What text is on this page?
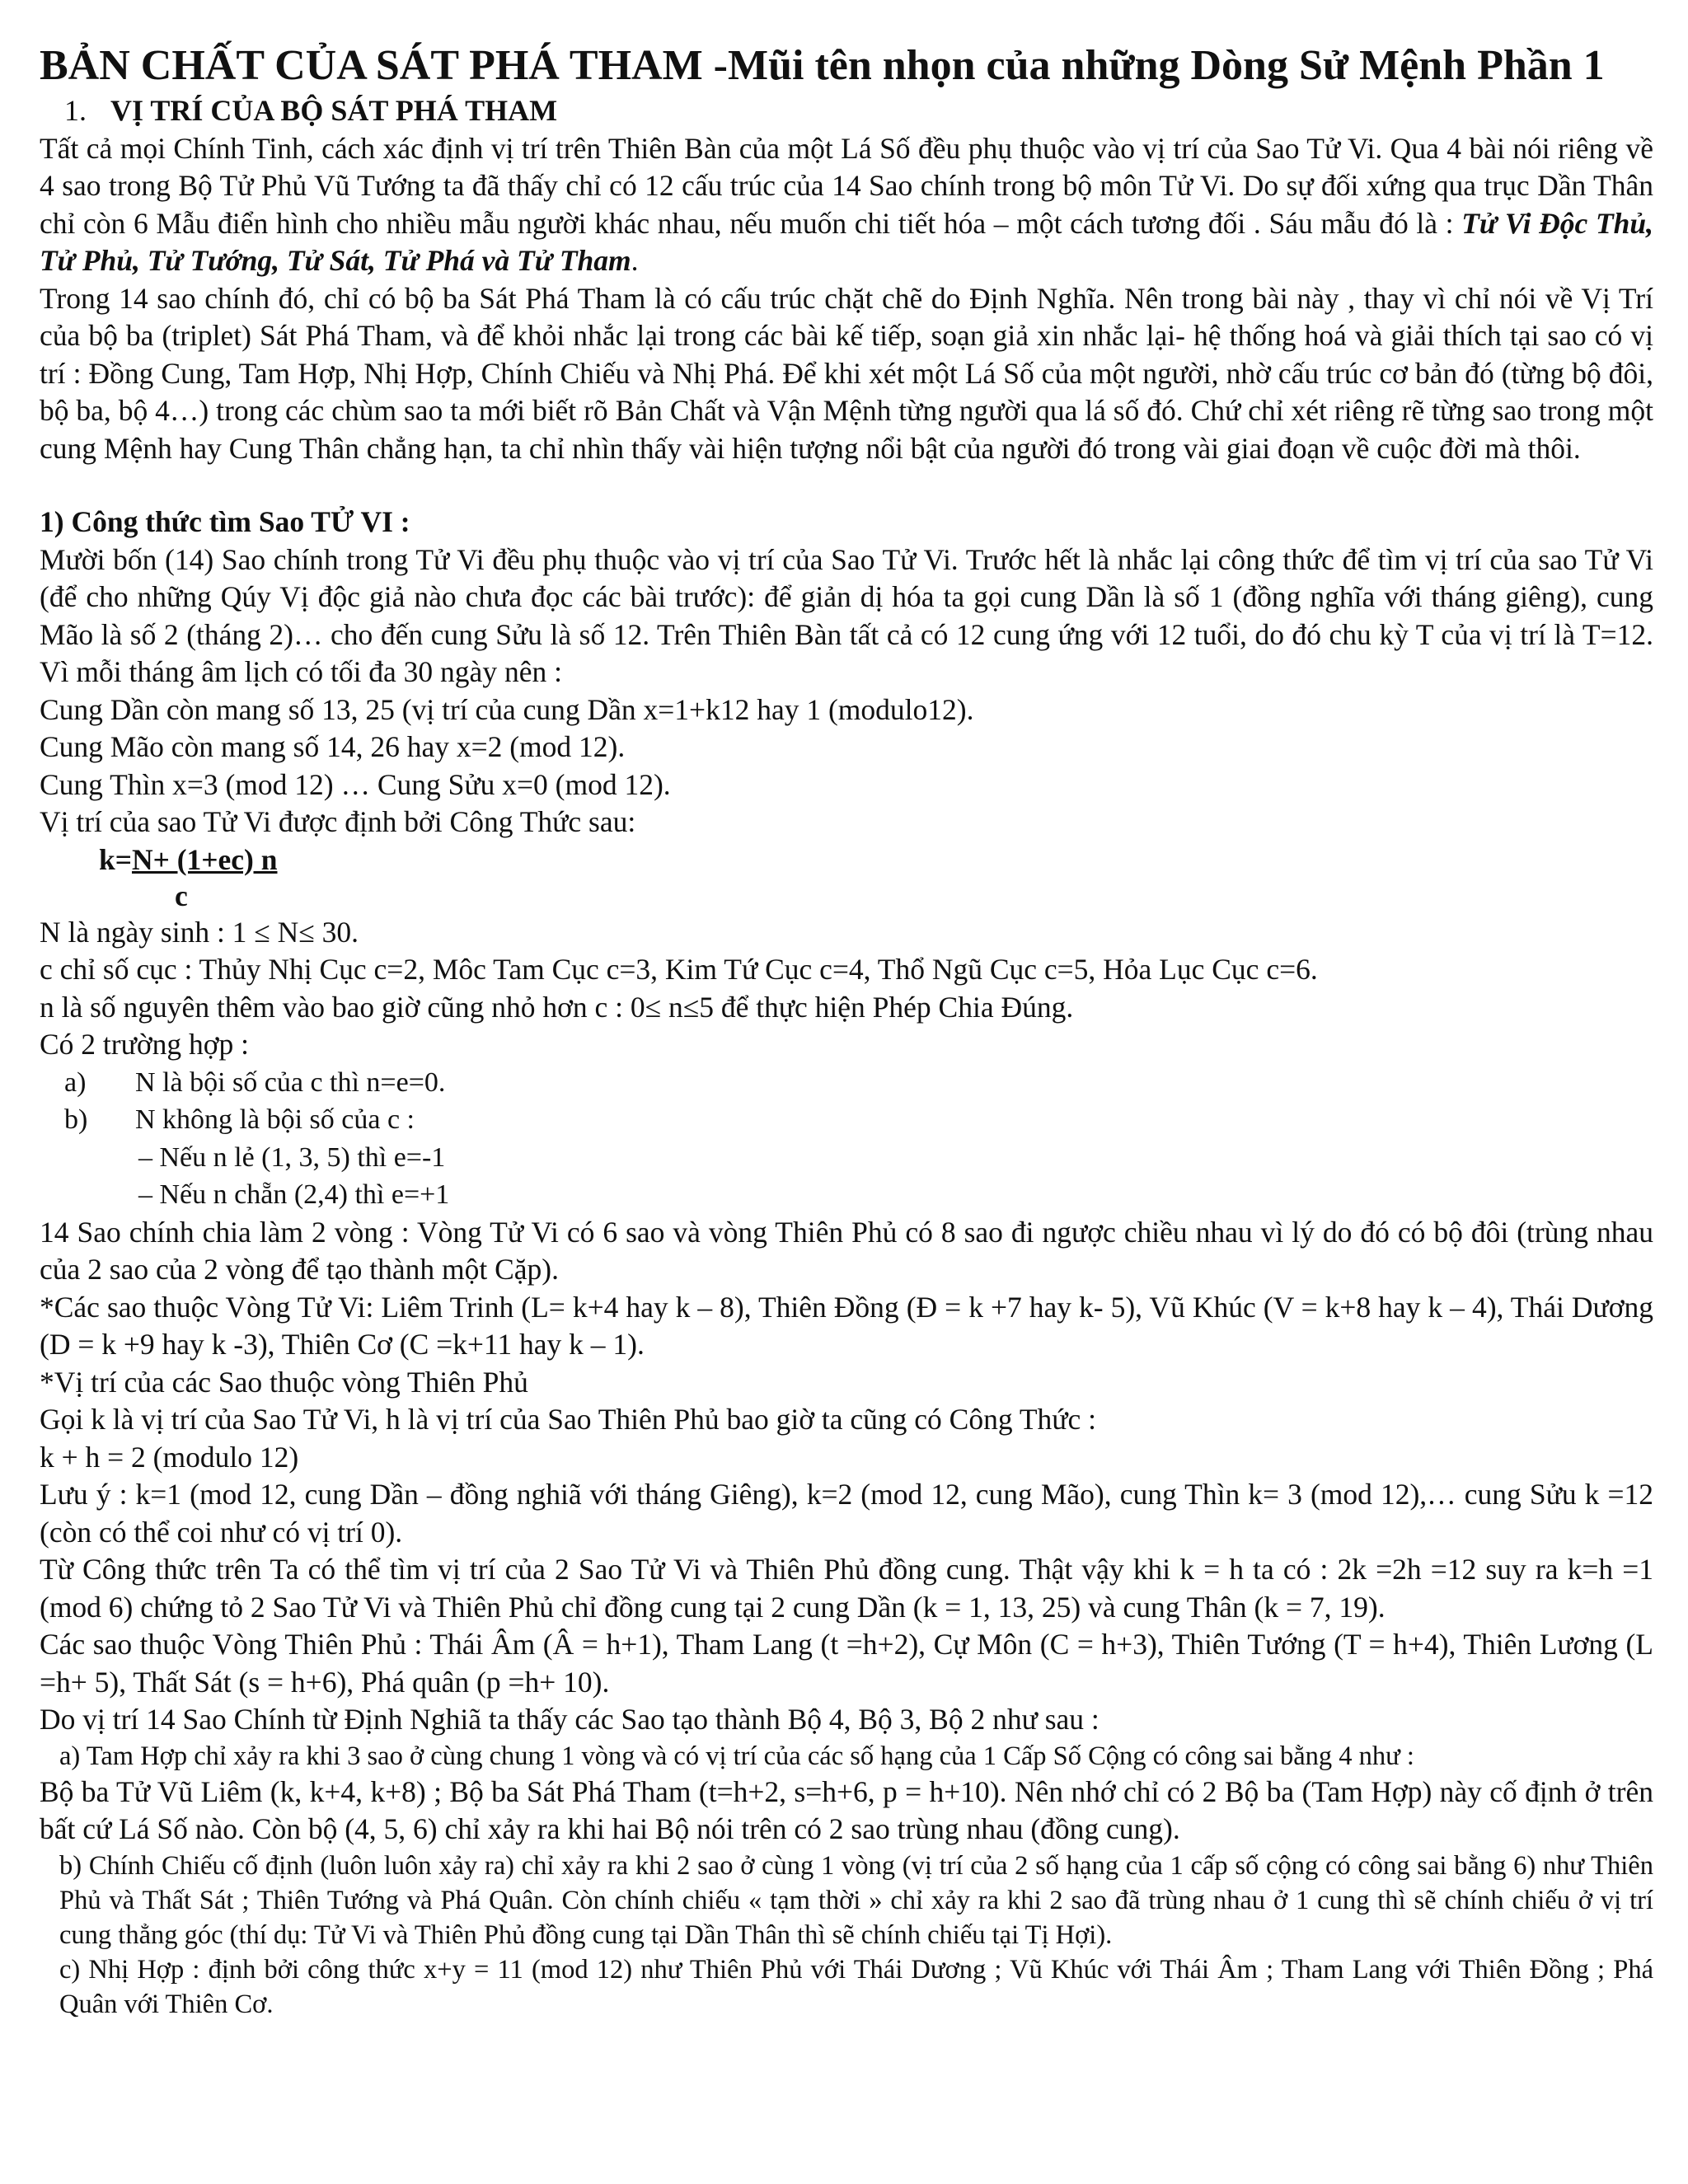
BẢN CHẤT CỦA SÁT PHÁ THAM -Mũi tên nhọn của những Dòng Sử Mệnh Phần 1
1. VỊ TRÍ CỦA BỘ SÁT PHÁ THAM

Tất cả mọi Chính Tinh, cách xác định vị trí trên Thiên Bàn của một Lá Số đều phụ thuộc vào vị trí của Sao Tử Vi. Qua 4 bài nói riêng về 4 sao trong Bộ Tử Phủ Vũ Tướng ta đã thấy chỉ có 12 cấu trúc của 14 Sao chính trong bộ môn Tử Vi. Do sự đối xứng qua trục Dần Thân chỉ còn 6 Mẫu điển hình cho nhiều mẫu người khác nhau, nếu muốn chi tiết hóa – một cách tương đối . Sáu mẫu đó là : Tử Vi Độc Thủ, Tử Phủ, Tử Tướng, Tử Sát, Tử Phá và Tử Tham.

Trong 14 sao chính đó, chỉ có bộ ba Sát Phá Tham là có cấu trúc chặt chẽ do Định Nghĩa. Nên trong bài này , thay vì chỉ nói về Vị Trí của bộ ba (triplet) Sát Phá Tham, và để khỏi nhắc lại trong các bài kế tiếp, soạn giả xin nhắc lại- hệ thống hoá và giải thích tại sao có vị trí : Đồng Cung, Tam Hợp, Nhị Hợp, Chính Chiếu và Nhị Phá. Để khi xét một Lá Số của một người, nhờ cấu trúc cơ bản đó (từng bộ đôi, bộ ba, bộ 4…) trong các chùm sao ta mới biết rõ Bản Chất và Vận Mệnh từng người qua lá số đó. Chứ chỉ xét riêng rẽ từng sao trong một cung Mệnh hay Cung Thân chẳng hạn, ta chỉ nhìn thấy vài hiện tượng nổi bật của người đó trong vài giai đoạn về cuộc đời mà thôi.

1) Công thức tìm Sao TỬ VI :

Mười bốn (14) Sao chính trong Tử Vi đều phụ thuộc vào vị trí của Sao Tử Vi. Trước hết là nhắc lại công thức để tìm vị trí của sao Tử Vi (để cho những Qúy Vị độc giả nào chưa đọc các bài trước): để giản dị hóa ta gọi cung Dần là số 1 (đồng nghĩa với tháng giêng), cung Mão là số 2 (tháng 2)… cho đến cung Sửu là số 12. Trên Thiên Bàn tất cả có 12 cung ứng với 12 tuổi, do đó chu kỳ T của vị trí là T=12. Vì mỗi tháng âm lịch có tối đa 30 ngày nên :

Cung Dần còn mang số 13, 25 (vị trí của cung Dần x=1+k12 hay 1 (modulo12).
Cung Mão còn mang số 14, 26 hay x=2 (mod 12).
Cung Thìn x=3 (mod 12) … Cung Sửu x=0 (mod 12).
Vị trí của sao Tử Vi được định bởi Công Thức sau:
k=N+ (1+ec) n
c
N là ngày sinh : 1 ≤ N≤ 30.
c chỉ số cục : Thủy Nhị Cục c=2, Môc Tam Cục c=3, Kim Tứ Cục c=4, Thổ Ngũ Cục c=5, Hỏa Lục Cục c=6.
n là số nguyên thêm vào bao giờ cũng nhỏ hơn c : 0≤ n≤5 để thực hiện Phép Chia Đúng.
Có 2 trường hợp :
a) N là bội số của c thì n=e=0.
b) N không là bội số của c :
– Nếu n lẻ (1, 3, 5) thì e=-1
– Nếu n chẵn (2,4) thì e=+1

14 Sao chính chia làm 2 vòng : Vòng Tử Vi có 6 sao và vòng Thiên Phủ có 8 sao đi ngược chiều nhau vì lý do đó có bộ đôi (trùng nhau của 2 sao của 2 vòng để tạo thành một Cặp).

*Các sao thuộc Vòng Tử Vi: Liêm Trinh (L= k+4 hay k – 8), Thiên Đồng (Đ = k +7 hay k- 5), Vũ Khúc (V = k+8 hay k – 4), Thái Dương (D = k +9 hay k -3), Thiên Cơ (C =k+11 hay k – 1).

*Vị trí của các Sao thuộc vòng Thiên Phủ
Gọi k là vị trí của Sao Tử Vi, h là vị trí của Sao Thiên Phủ bao giờ ta cũng có Công Thức :
k + h = 2 (modulo 12)

Lưu ý : k=1 (mod 12, cung Dần – đồng nghiã với tháng Giêng), k=2 (mod 12, cung Mão), cung Thìn k= 3 (mod 12),… cung Sửu k =12 (còn có thể coi như có vị trí 0).

Từ Công thức trên Ta có thể tìm vị trí của 2 Sao Tử Vi và Thiên Phủ đồng cung. Thật vậy khi k = h ta có : 2k =2h =12 suy ra k=h =1 (mod 6) chứng tỏ 2 Sao Tử Vi và Thiên Phủ chỉ đồng cung tại 2 cung Dần (k = 1, 13, 25) và cung Thân (k = 7, 19).

Các sao thuộc Vòng Thiên Phủ : Thái Âm (Â = h+1), Tham Lang (t =h+2), Cự Môn (C = h+3), Thiên Tướng (T = h+4), Thiên Lương (L =h+ 5), Thất Sát (s = h+6), Phá quân (p =h+ 10).

Do vị trí 14 Sao Chính từ Định Nghiã ta thấy các Sao tạo thành Bộ 4, Bộ 3, Bộ 2 như sau :

a) Tam Hợp chỉ xảy ra khi 3 sao ở cùng chung 1 vòng và có vị trí của các số hạng của 1 Cấp Số Cộng có công sai bằng 4 như :

Bộ ba Tử Vũ Liêm (k, k+4, k+8) ; Bộ ba Sát Phá Tham (t=h+2, s=h+6, p = h+10). Nên nhớ chỉ có 2 Bộ ba (Tam Hợp) này cố định ở trên bất cứ Lá Số nào. Còn bộ (4, 5, 6) chỉ xảy ra khi hai Bộ nói trên có 2 sao trùng nhau (đồng cung).

b) Chính Chiếu cố định (luôn luôn xảy ra) chỉ xảy ra khi 2 sao ở cùng 1 vòng (vị trí của 2 số hạng của 1 cấp số cộng có công sai bằng 6) như Thiên Phủ và Thất Sát ; Thiên Tướng và Phá Quân. Còn chính chiếu « tạm thời » chỉ xảy ra khi 2 sao đã trùng nhau ở 1 cung thì sẽ chính chiếu ở vị trí cung thẳng góc (thí dụ: Tử Vi và Thiên Phủ đồng cung tại Dần Thân thì sẽ chính chiếu tại Tị Hợi).

c) Nhị Hợp : định bởi công thức x+y = 11 (mod 12) như Thiên Phủ với Thái Dương ; Vũ Khúc với Thái Âm ; Tham Lang với Thiên Đồng ; Phá Quân với Thiên Cơ.
